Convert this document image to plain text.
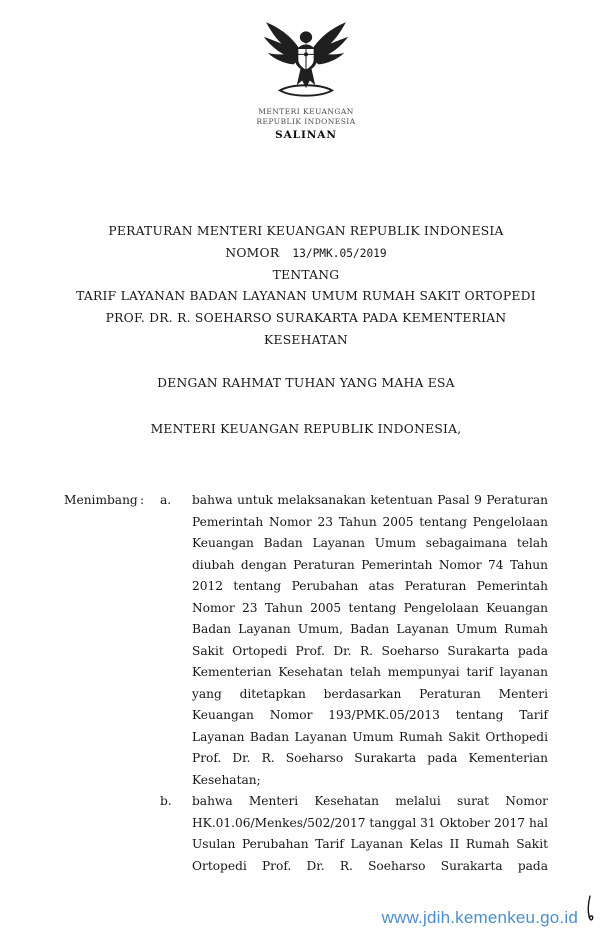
MENTERI KEUANGAN
REPUBLIK INDONESIA
SALINAN
PERATURAN MENTERI KEUANGAN REPUBLIK INDONESIA
NOMOR 13/PMK.05/2019
TENTANG
TARIF LAYANAN BADAN LAYANAN UMUM RUMAH SAKIT ORTOPEDI
PROF. DR. R. SOEHARSO SURAKARTA PADA KEMENTERIAN KESEHATAN
DENGAN RAHMAT TUHAN YANG MAHA ESA
MENTERI KEUANGAN REPUBLIK INDONESIA,
Menimbang :	a.	bahwa untuk melaksanakan ketentuan Pasal 9 Peraturan Pemerintah Nomor 23 Tahun 2005 tentang Pengelolaan Keuangan Badan Layanan Umum sebagaimana telah diubah dengan Peraturan Pemerintah Nomor 74 Tahun 2012 tentang Perubahan atas Peraturan Pemerintah Nomor 23 Tahun 2005 tentang Pengelolaan Keuangan Badan Layanan Umum, Badan Layanan Umum Rumah Sakit Ortopedi Prof. Dr. R. Soeharso Surakarta pada Kementerian Kesehatan telah mempunyai tarif layanan yang ditetapkan berdasarkan Peraturan Menteri Keuangan Nomor 193/PMK.05/2013 tentang Tarif Layanan Badan Layanan Umum Rumah Sakit Orthopedi Prof. Dr. R. Soeharso Surakarta pada Kementerian Kesehatan;
b.	bahwa Menteri Kesehatan melalui surat Nomor HK.01.06/Menkes/502/2017 tanggal 31 Oktober 2017 hal Usulan Perubahan Tarif Layanan Kelas II Rumah Sakit Ortopedi Prof. Dr. R. Soeharso Surakarta pada
www.jdih.kemenkeu.go.id
